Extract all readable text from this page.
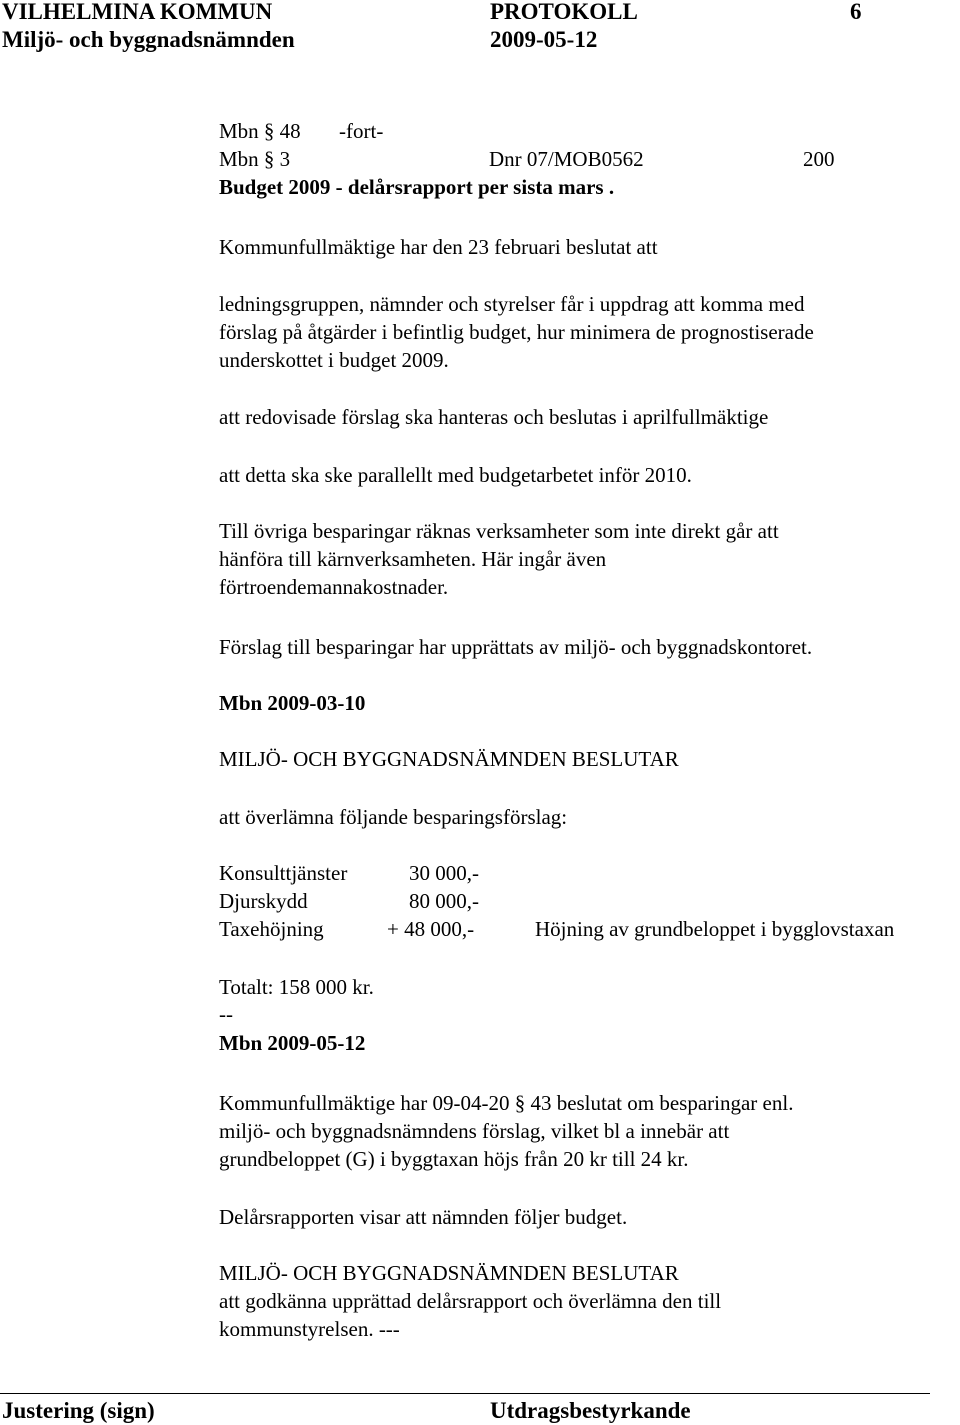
VILHELMINA KOMMUN	PROTOKOLL	6
Miljö- och byggnadsnämnden	2009-05-12
Mbn § 48 -fort-
Mbn § 3	Dnr 07/MOB0562	200
Budget 2009 - delårsrapport per sista mars .
Kommunfullmäktige har den 23 februari beslutat att
ledningsgruppen, nämnder och styrelser får i uppdrag att komma med
förslag på åtgärder i befintlig budget, hur minimera de prognostiserade
underskottet i budget 2009.
att redovisade förslag ska hanteras och beslutas i aprilfullmäktige
att detta ska ske parallellt med budgetarbetet inför 2010.
Till övriga besparingar räknas verksamheter som inte direkt går att
hänföra till kärnverksamheten. Här ingår även
förtroendemannakostnader.
Förslag till besparingar har upprättats av miljö- och byggnadskontoret.
Mbn 2009-03-10
MILJÖ- OCH BYGGNADSNÄMNDEN BESLUTAR
att överlämna följande besparingsförslag:
Konsulttjänster	30 000,-
Djurskydd	80 000,-
Taxehöjning	+ 48 000,-	Höjning av grundbeloppet i bygglovstaxan
Totalt: 158 000 kr.
--
Mbn 2009-05-12
Kommunfullmäktige har 09-04-20 § 43 beslutat om besparingar enl.
miljö- och byggnadsnämndens förslag, vilket bl a innebär att
grundbeloppet (G) i byggtaxan höjs från 20 kr till 24 kr.
Delårsrapporten visar att nämnden följer budget.
MILJÖ- OCH BYGGNADSNÄMNDEN BESLUTAR
att godkänna upprättad delårsrapport och överlämna den till
kommunstyrelsen. ---
Justering (sign)	Utdragsbestyrkande
